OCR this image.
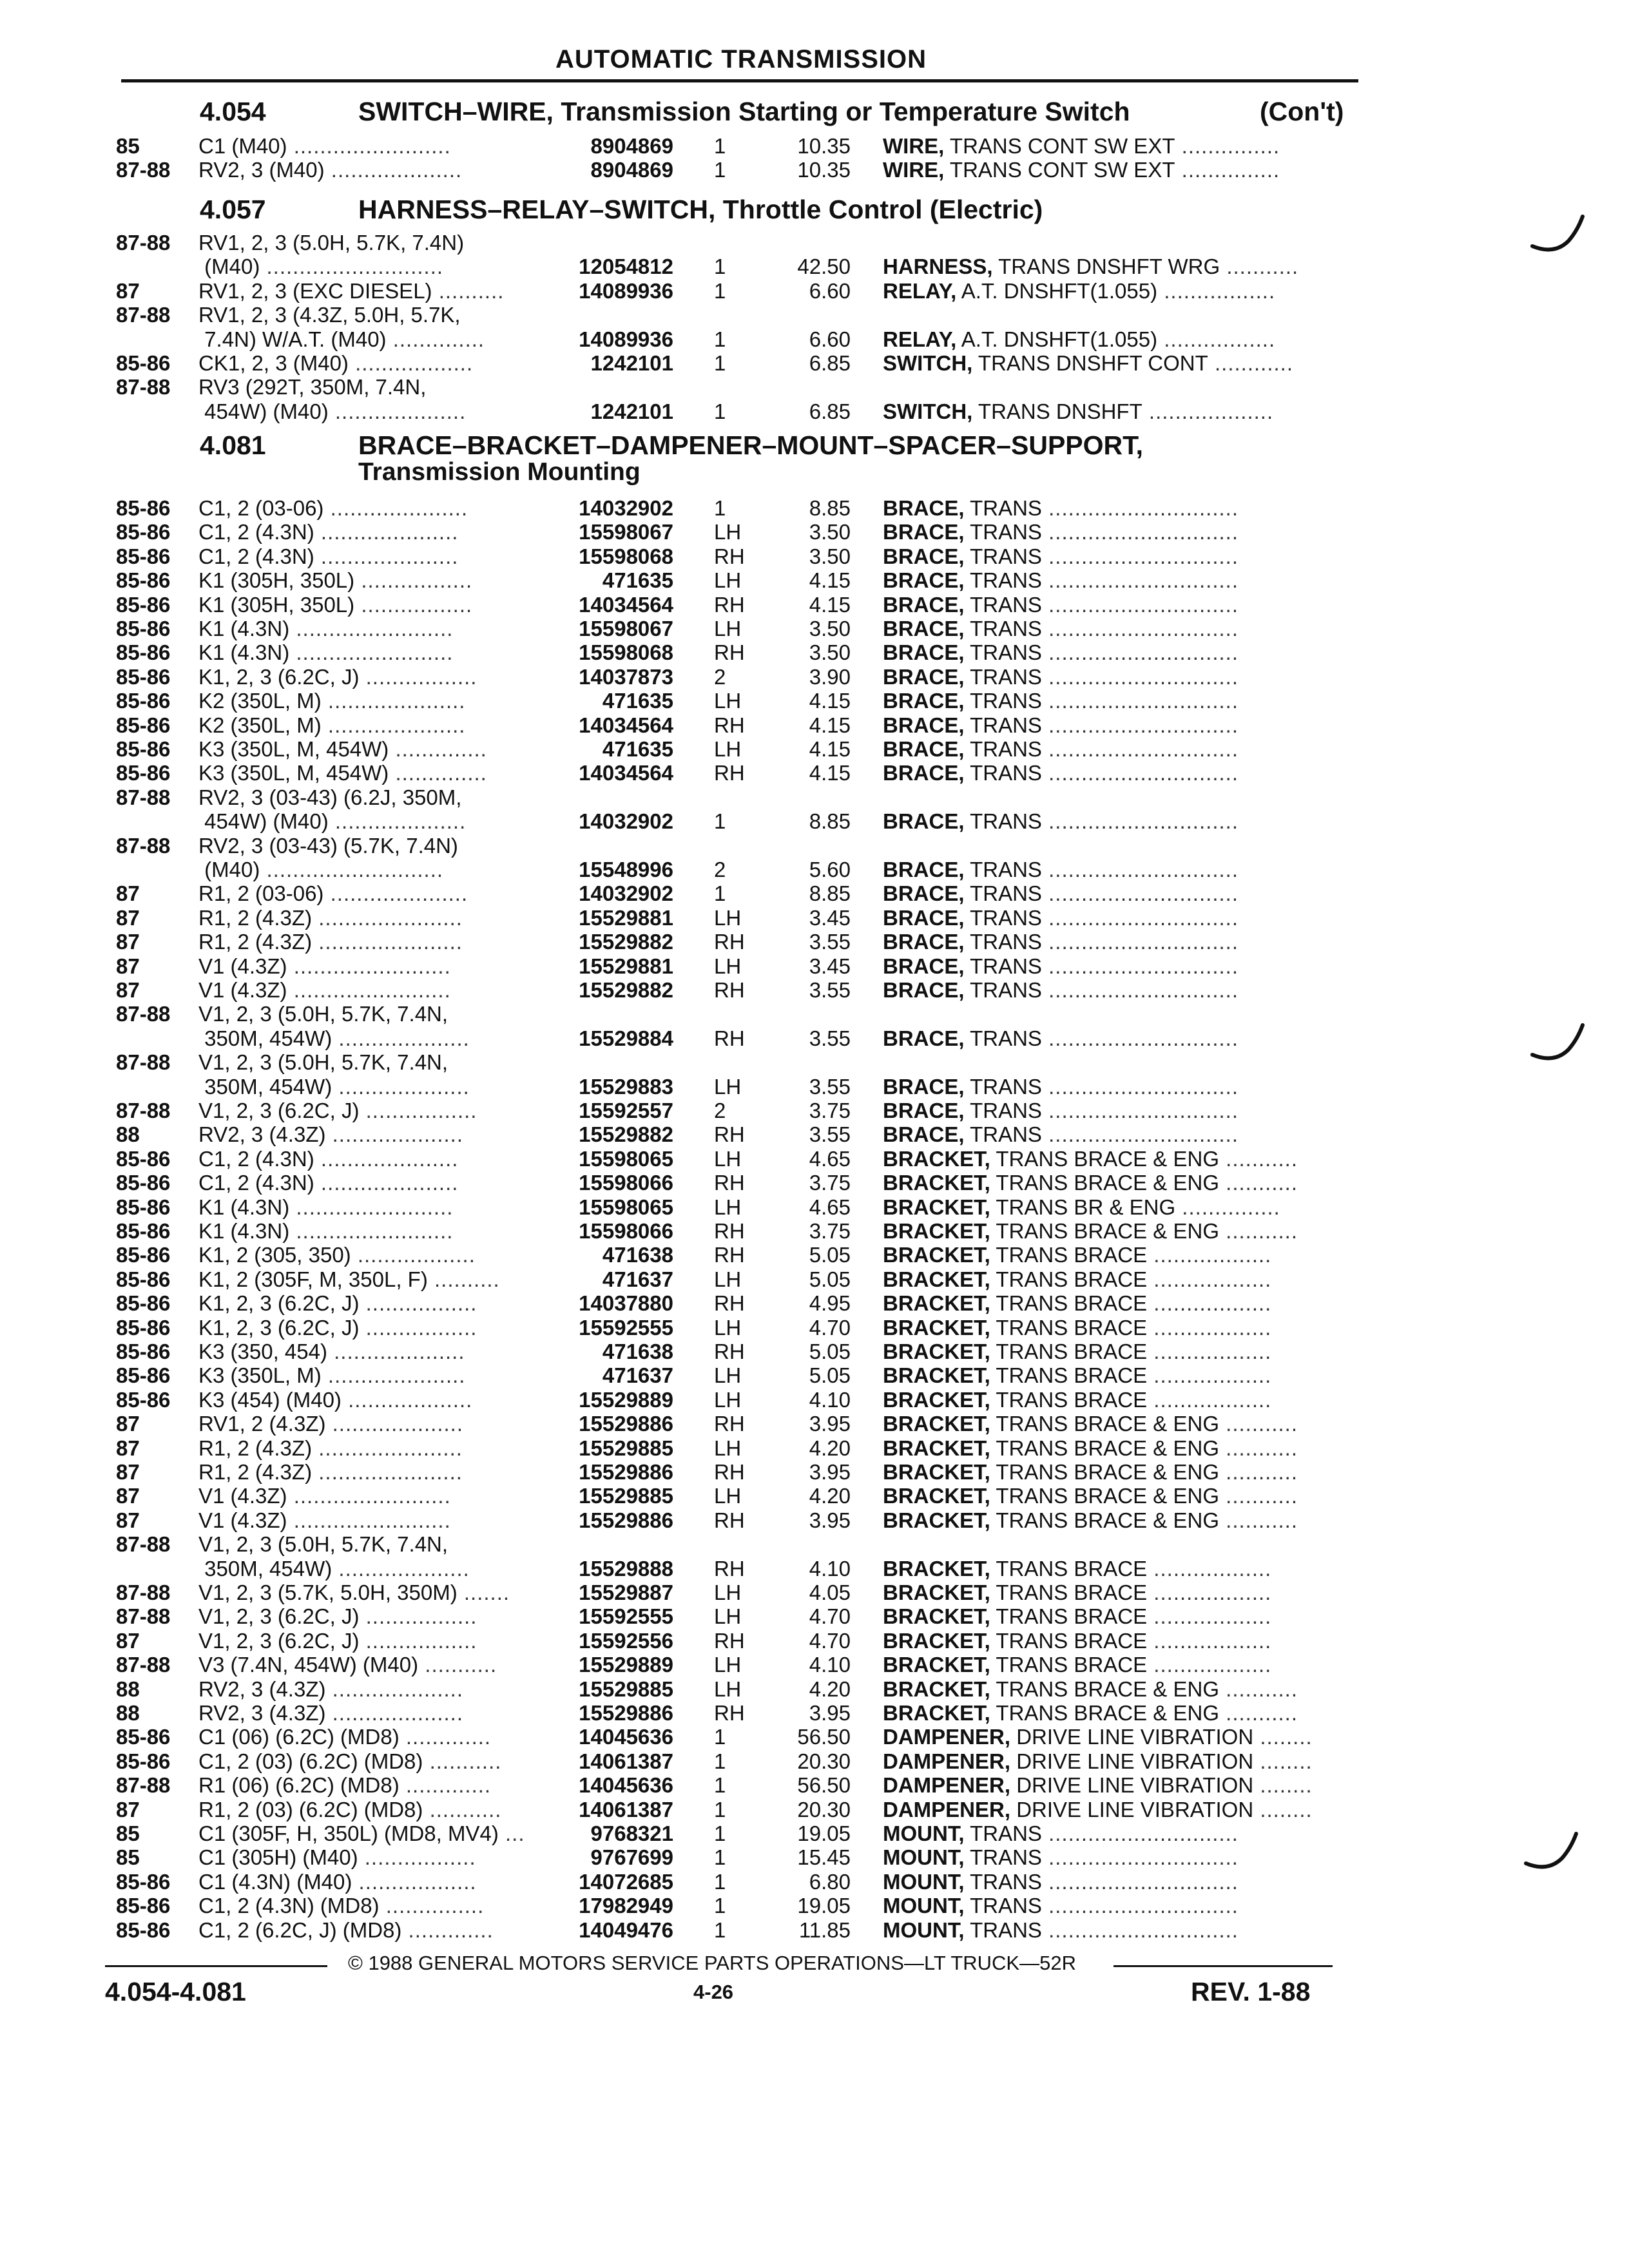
AUTOMATIC TRANSMISSION
4.054	SWITCH–WIRE, Transmission Starting or Temperature Switch	(Con't)
85	C1 (M40) ........................	8904869 1	10.35 WIRE, TRANS CONT SW EXT ...............
87-88 RV2, 3 (M40) ....................	8904869 1	10.35 WIRE, TRANS CONT SW EXT ...............
4.057	HARNESS–RELAY–SWITCH, Throttle Control (Electric)
87-88 RV1, 2, 3 (5.0H, 5.7K, 7.4N)
(M40) ...........................	12054812 1	42.50 HARNESS, TRANS DNSHFT WRG ...........
87	RV1, 2, 3 (EXC DIESEL) ..........	14089936 1	6.60 RELAY, A.T. DNSHFT(1.055) .................
87-88 RV1, 2, 3 (4.3Z, 5.0H, 5.7K,
7.4N) W/A.T. (M40) ..............	14089936 1	6.60 RELAY, A.T. DNSHFT(1.055) .................
85-86 CK1, 2, 3 (M40) ..................	1242101 1	6.85 SWITCH, TRANS DNSHFT CONT ............
87-88 RV3 (292T, 350M, 7.4N,
454W) (M40) ....................	1242101 1	6.85 SWITCH, TRANS DNSHFT ...................
4.081	BRACE–BRACKET–DAMPENER–MOUNT–SPACER–SUPPORT,
Transmission Mounting
85-86 C1, 2 (03-06) .....................	14032902 1	8.85 BRACE, TRANS .............................
85-86 C1, 2 (4.3N) .....................	15598067 LH	3.50 BRACE, TRANS .............................
85-86 C1, 2 (4.3N) .....................	15598068 RH	3.50 BRACE, TRANS .............................
85-86 K1 (305H, 350L) .................	471635 LH	4.15 BRACE, TRANS .............................
85-86 K1 (305H, 350L) .................	14034564 RH	4.15 BRACE, TRANS .............................
85-86 K1 (4.3N) ........................	15598067 LH	3.50 BRACE, TRANS .............................
85-86 K1 (4.3N) ........................	15598068 RH	3.50 BRACE, TRANS .............................
85-86 K1, 2, 3 (6.2C, J) .................	14037873 2	3.90 BRACE, TRANS .............................
85-86 K2 (350L, M) .....................	471635 LH	4.15 BRACE, TRANS .............................
85-86 K2 (350L, M) .....................	14034564 RH	4.15 BRACE, TRANS .............................
85-86 K3 (350L, M, 454W) ..............	471635 LH	4.15 BRACE, TRANS .............................
85-86 K3 (350L, M, 454W) ..............	14034564 RH	4.15 BRACE, TRANS .............................
87-88 RV2, 3 (03-43) (6.2J, 350M,
454W) (M40) ....................	14032902 1	8.85 BRACE, TRANS .............................
87-88 RV2, 3 (03-43) (5.7K, 7.4N)
(M40) ...........................	15548996 2	5.60 BRACE, TRANS .............................
87	R1, 2 (03-06) .....................	14032902 1	8.85 BRACE, TRANS .............................
87	R1, 2 (4.3Z) ......................	15529881 LH	3.45 BRACE, TRANS .............................
87	R1, 2 (4.3Z) ......................	15529882 RH	3.55 BRACE, TRANS .............................
87	V1 (4.3Z) ........................	15529881 LH	3.45 BRACE, TRANS .............................
87	V1 (4.3Z) ........................	15529882 RH	3.55 BRACE, TRANS .............................
87-88 V1, 2, 3 (5.0H, 5.7K, 7.4N,
350M, 454W) ....................	15529884 RH	3.55 BRACE, TRANS .............................
87-88 V1, 2, 3 (5.0H, 5.7K, 7.4N,
350M, 454W) ....................	15529883 LH	3.55 BRACE, TRANS .............................
87-88 V1, 2, 3 (6.2C, J) .................	15592557 2	3.75 BRACE, TRANS .............................
88	RV2, 3 (4.3Z) ....................	15529882 RH	3.55 BRACE, TRANS .............................
85-86 C1, 2 (4.3N) .....................	15598065 LH	4.65 BRACKET, TRANS BRACE & ENG ...........
85-86 C1, 2 (4.3N) .....................	15598066 RH	3.75 BRACKET, TRANS BRACE & ENG ...........
85-86 K1 (4.3N) ........................	15598065 LH	4.65 BRACKET, TRANS BR & ENG ...............
85-86 K1 (4.3N) ........................	15598066 RH	3.75 BRACKET, TRANS BRACE & ENG ...........
85-86 K1, 2 (305, 350) ..................	471638 RH	5.05 BRACKET, TRANS BRACE ..................
85-86 K1, 2 (305F, M, 350L, F) ..........	471637 LH	5.05 BRACKET, TRANS BRACE ..................
85-86 K1, 2, 3 (6.2C, J) .................	14037880 RH	4.95 BRACKET, TRANS BRACE ..................
85-86 K1, 2, 3 (6.2C, J) .................	15592555 LH	4.70 BRACKET, TRANS BRACE ..................
85-86 K3 (350, 454) ....................	471638 RH	5.05 BRACKET, TRANS BRACE ..................
85-86 K3 (350L, M) .....................	471637 LH	5.05 BRACKET, TRANS BRACE ..................
85-86 K3 (454) (M40) ...................	15529889 LH	4.10 BRACKET, TRANS BRACE ..................
87	RV1, 2 (4.3Z) ....................	15529886 RH	3.95 BRACKET, TRANS BRACE & ENG ...........
87	R1, 2 (4.3Z) ......................	15529885 LH	4.20 BRACKET, TRANS BRACE & ENG ...........
87	R1, 2 (4.3Z) ......................	15529886 RH	3.95 BRACKET, TRANS BRACE & ENG ...........
87	V1 (4.3Z) ........................	15529885 LH	4.20 BRACKET, TRANS BRACE & ENG ...........
87	V1 (4.3Z) ........................	15529886 RH	3.95 BRACKET, TRANS BRACE & ENG ...........
87-88 V1, 2, 3 (5.0H, 5.7K, 7.4N,
350M, 454W) ....................	15529888 RH	4.10 BRACKET, TRANS BRACE ..................
87-88 V1, 2, 3 (5.7K, 5.0H, 350M) .......	15529887 LH	4.05 BRACKET, TRANS BRACE ..................
87-88 V1, 2, 3 (6.2C, J) .................	15592555 LH	4.70 BRACKET, TRANS BRACE ..................
87	V1, 2, 3 (6.2C, J) .................	15592556 RH	4.70 BRACKET, TRANS BRACE ..................
87-88 V3 (7.4N, 454W) (M40) ...........	15529889 LH	4.10 BRACKET, TRANS BRACE ..................
88	RV2, 3 (4.3Z) ....................	15529885 LH	4.20 BRACKET, TRANS BRACE & ENG ...........
88	RV2, 3 (4.3Z) ....................	15529886 RH	3.95 BRACKET, TRANS BRACE & ENG ...........
85-86 C1 (06) (6.2C) (MD8) .............	14045636 1	56.50 DAMPENER, DRIVE LINE VIBRATION ........
85-86 C1, 2 (03) (6.2C) (MD8) ...........	14061387 1	20.30 DAMPENER, DRIVE LINE VIBRATION ........
87-88 R1 (06) (6.2C) (MD8) .............	14045636 1	56.50 DAMPENER, DRIVE LINE VIBRATION ........
87	R1, 2 (03) (6.2C) (MD8) ...........	14061387 1	20.30 DAMPENER, DRIVE LINE VIBRATION ........
85	C1 (305F, H, 350L) (MD8, MV4) ...	9768321 1	19.05 MOUNT, TRANS .............................
85	C1 (305H) (M40) .................	9767699 1	15.45 MOUNT, TRANS .............................
85-86 C1 (4.3N) (M40) ..................	14072685 1	6.80 MOUNT, TRANS .............................
85-86 C1, 2 (4.3N) (MD8) ...............	17982949 1	19.05 MOUNT, TRANS .............................
85-86 C1, 2 (6.2C, J) (MD8) .............	14049476 1	11.85 MOUNT, TRANS .............................
© 1988 GENERAL MOTORS SERVICE PARTS OPERATIONS—LT TRUCK—52R
4.054-4.081	4-26	REV. 1-88
